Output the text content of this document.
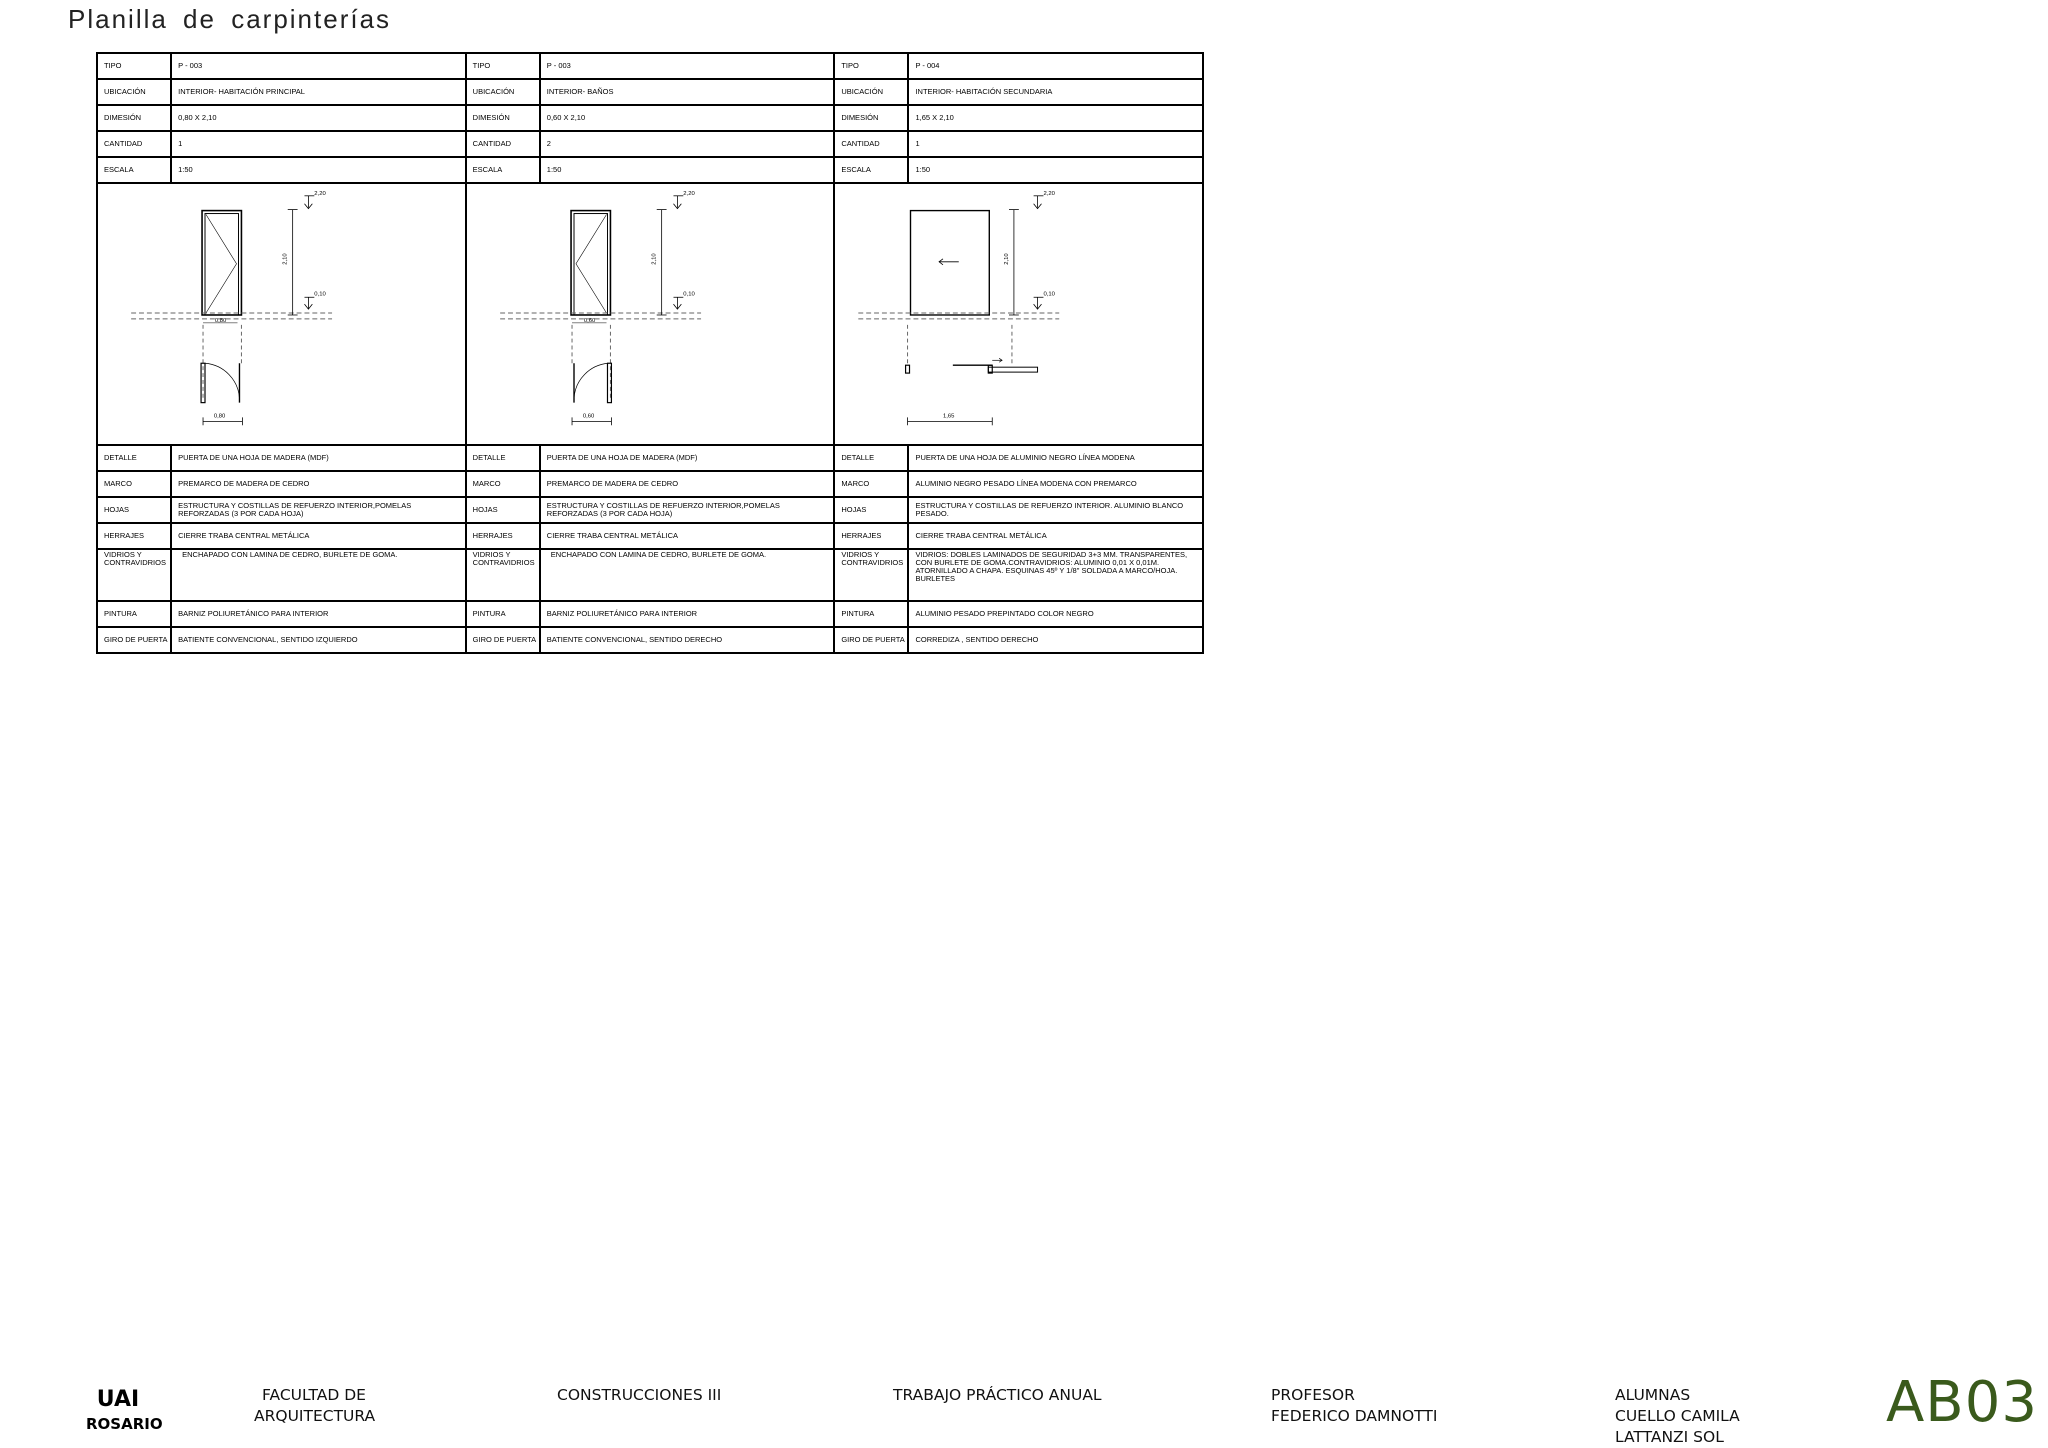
Planilla de carpinterías
TIPO	P - 003	TIPO	P - 003	TIPO	P - 004
UBICACIÓN	INTERIOR- HABITACIÓN PRINCIPAL	UBICACIÓN	INTERIOR- BAÑOS	UBICACIÓN	INTERIOR- HABITACIÓN SECUNDARIA
DIMESIÓN	0,80 X 2,10	DIMESIÓN	0,60 X 2,10	DIMESIÓN	1,65 X 2,10
CANTIDAD	1	CANTIDAD	2	CANTIDAD	1
ESCALA	1:50	ESCALA	1:50	ESCALA	1:50

2,20
2,10
0,10
0,80
0,80		2,20
2,10
0,10
0,60
0,60		2,20
2,10
0,10
1,65	

DETALLE	PUERTA DE UNA HOJA DE MADERA (MDF)	DETALLE	PUERTA DE UNA HOJA DE MADERA (MDF)	DETALLE	PUERTA DE UNA HOJA DE ALUMINIO NEGRO LÍNEA MODENA
MARCO	PREMARCO DE MADERA DE CEDRO	MARCO	PREMARCO DE MADERA DE CEDRO	MARCO	ALUMINIO NEGRO PESADO LÍNEA MODENA CON PREMARCO
HOJAS	ESTRUCTURA Y COSTILLAS DE REFUERZO INTERIOR,POMELAS REFORZADAS (3 POR CADA HOJA)	HOJAS	ESTRUCTURA Y COSTILLAS DE REFUERZO INTERIOR,POMELAS REFORZADAS (3 POR CADA HOJA)	HOJAS	ESTRUCTURA Y COSTILLAS DE REFUERZO INTERIOR. ALUMINIO BLANCO PESADO.
HERRAJES	CIERRE TRABA CENTRAL METÁLICA	HERRAJES	CIERRE TRABA CENTRAL METÁLICA	HERRAJES	CIERRE TRABA CENTRAL METÁLICA
VIDRIOS Y CONTRAVIDRIOS	ENCHAPADO CON LAMINA DE CEDRO, BURLETE DE GOMA.	VIDRIOS Y CONTRAVIDRIOS	ENCHAPADO CON LAMINA DE CEDRO, BURLETE DE GOMA.	VIDRIOS Y CONTRAVIDRIOS	VIDRIOS: DOBLES LAMINADOS DE SEGURIDAD 3+3 MM. TRANSPARENTES, CON BURLETE DE GOMA.CONTRAVIDRIOS: ALUMINIO 0,01 X 0,01M. ATORNILLADO A CHAPA. ESQUINAS 45º Y 1/8" SOLDADA A MARCO/HOJA. BURLETES
PINTURA	BARNIZ POLIURETÁNICO PARA INTERIOR	PINTURA	BARNIZ POLIURETÁNICO PARA INTERIOR	PINTURA	ALUMINIO PESADO PREPINTADO COLOR NEGRO
GIRO DE PUERTA	BATIENTE CONVENCIONAL, SENTIDO IZQUIERDO	GIRO DE PUERTA	BATIENTE CONVENCIONAL, SENTIDO DERECHO	GIRO DE PUERTA	CORREDIZA , SENTIDO DERECHO
UAI
ROSARIO
FACULTAD DE
ARQUITECTURA
CONSTRUCCIONES III	TRABAJO PRÁCTICO ANUAL	PROFESOR
FEDERICO DAMNOTTI
ALUMNAS
CUELLO CAMILA
LATTANZI SOL
AB03
